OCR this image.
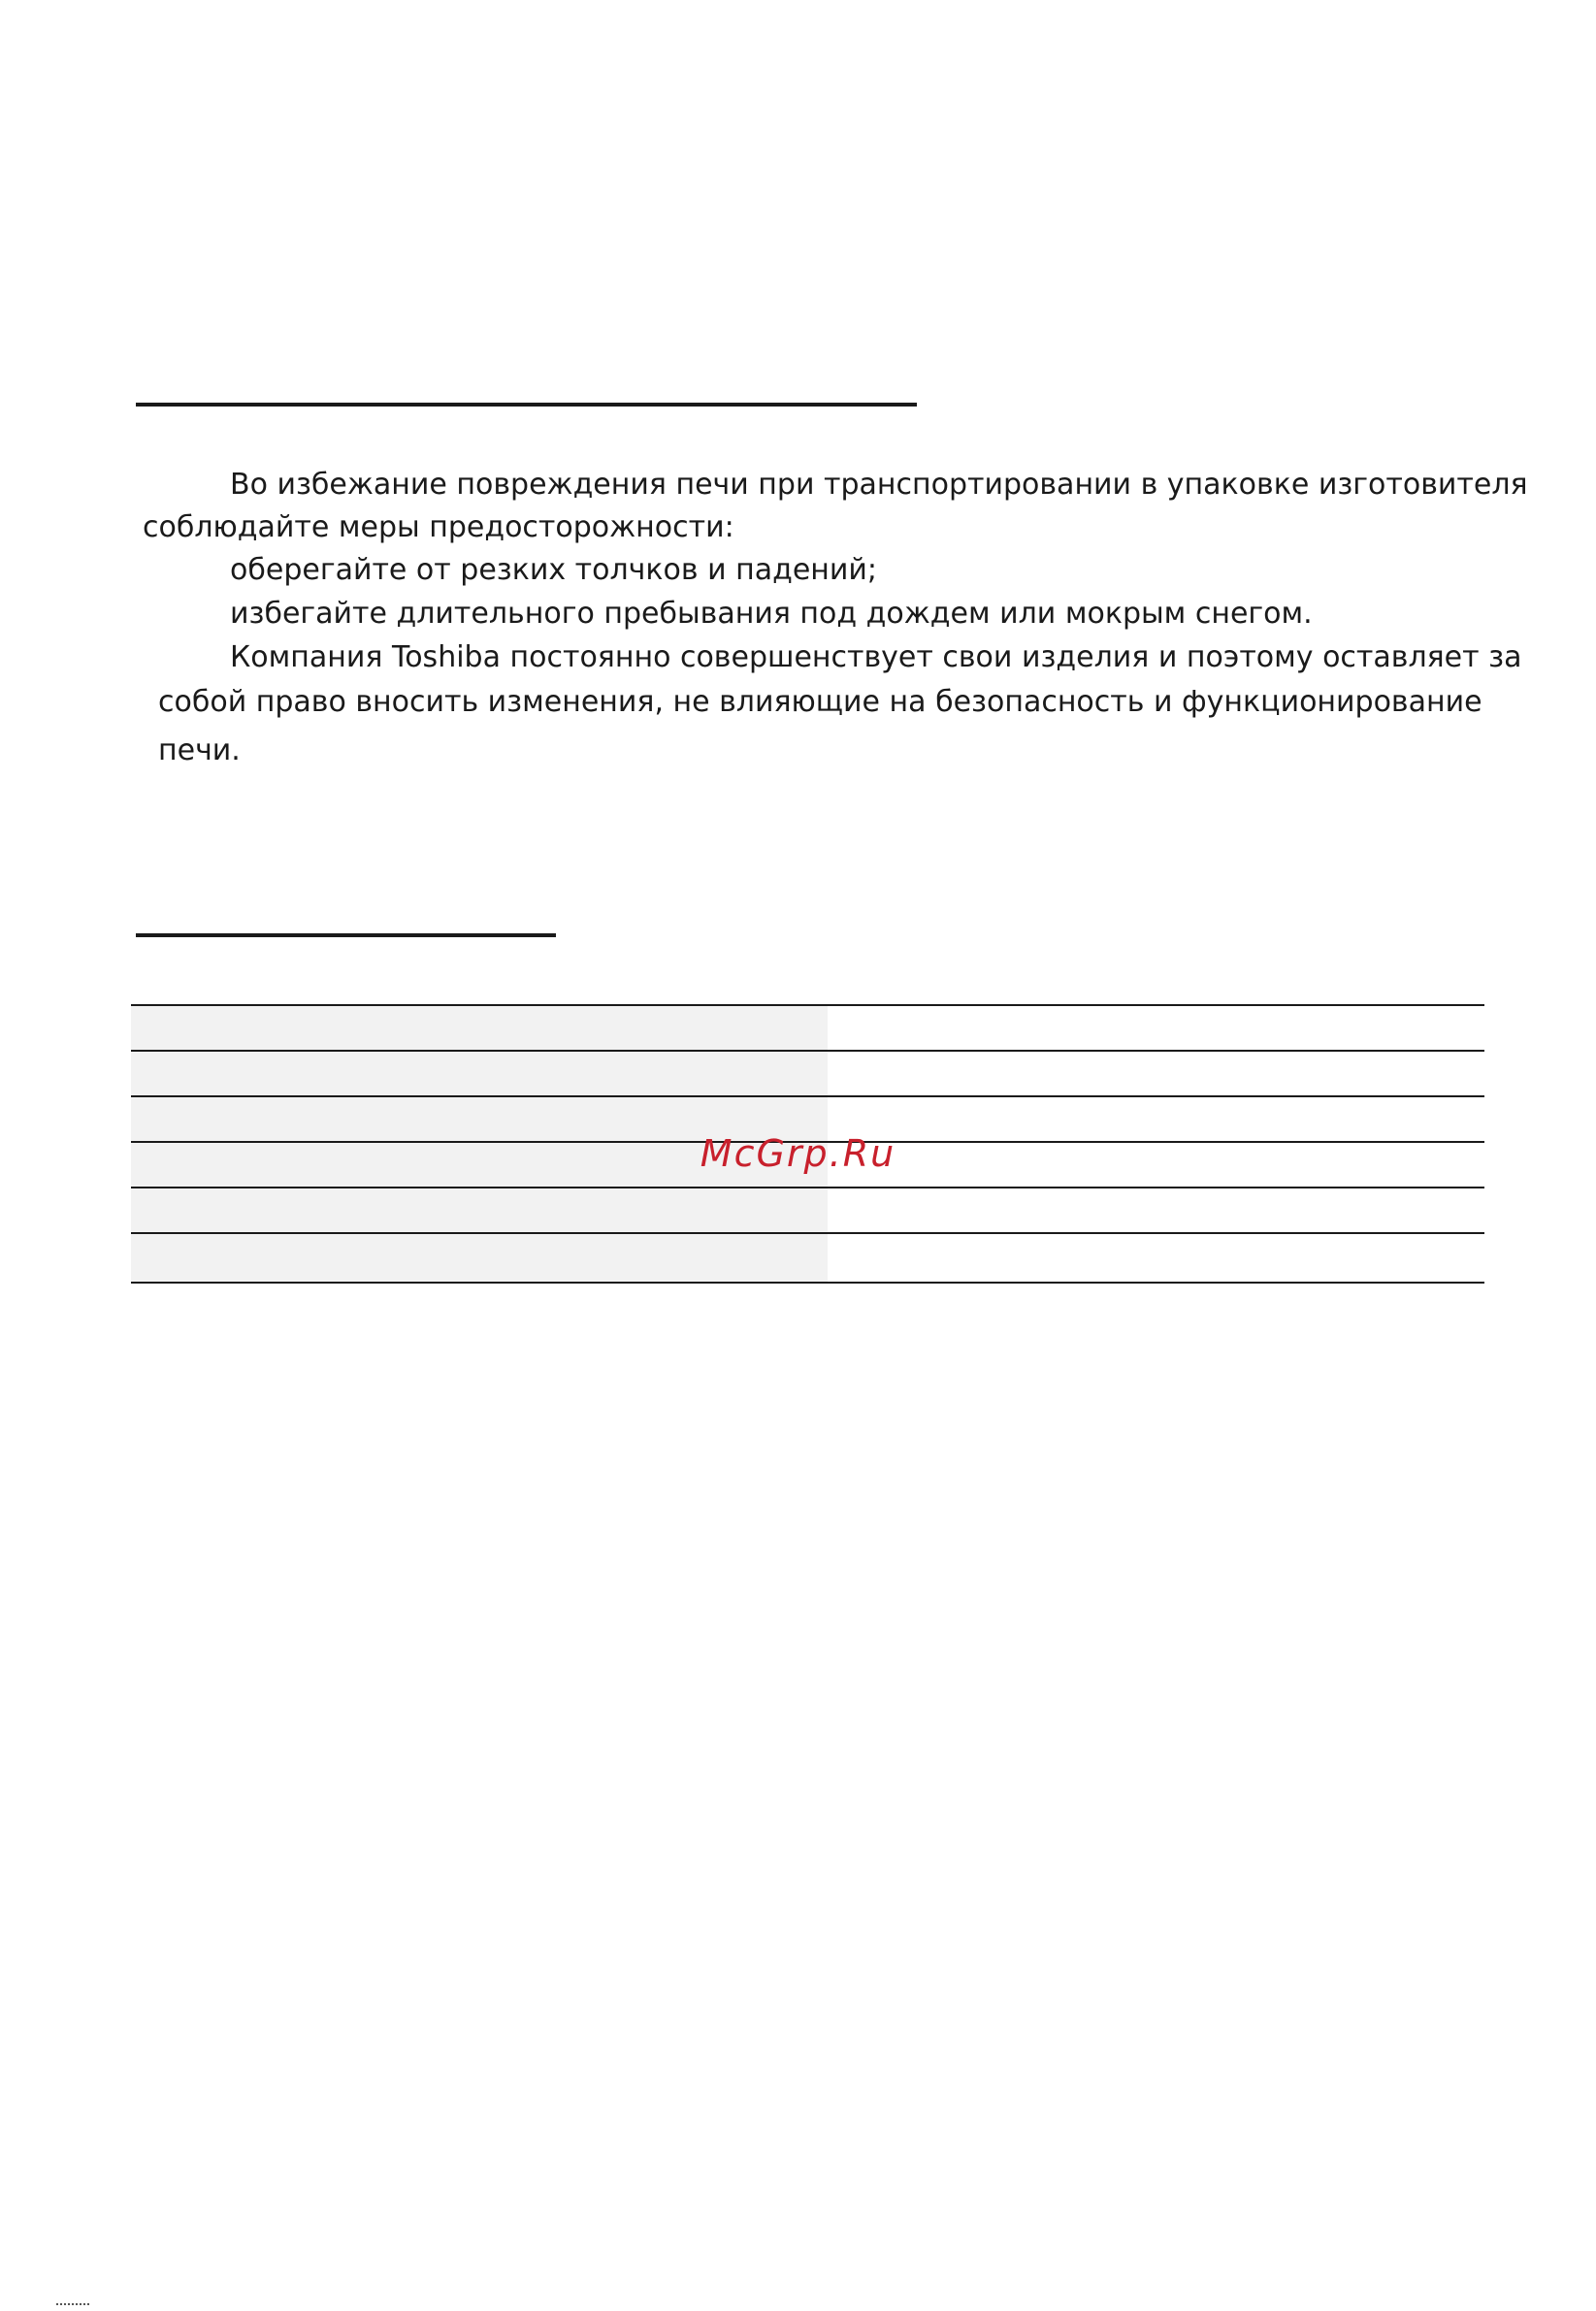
Во избежание повреждения печи при транспортировании в упаковке изготовителя
соблюдайте меры предосторожности:
оберегайте от резких толчков и падений;
избегайте длительного пребывания под дождем или мокрым снегом.
Компания Toshiba постоянно совершенствует свои изделия и поэтому оставляет за
собой право вносить изменения, не влияющие на безопасность и функционирование
печи.

McGrp.Ru
